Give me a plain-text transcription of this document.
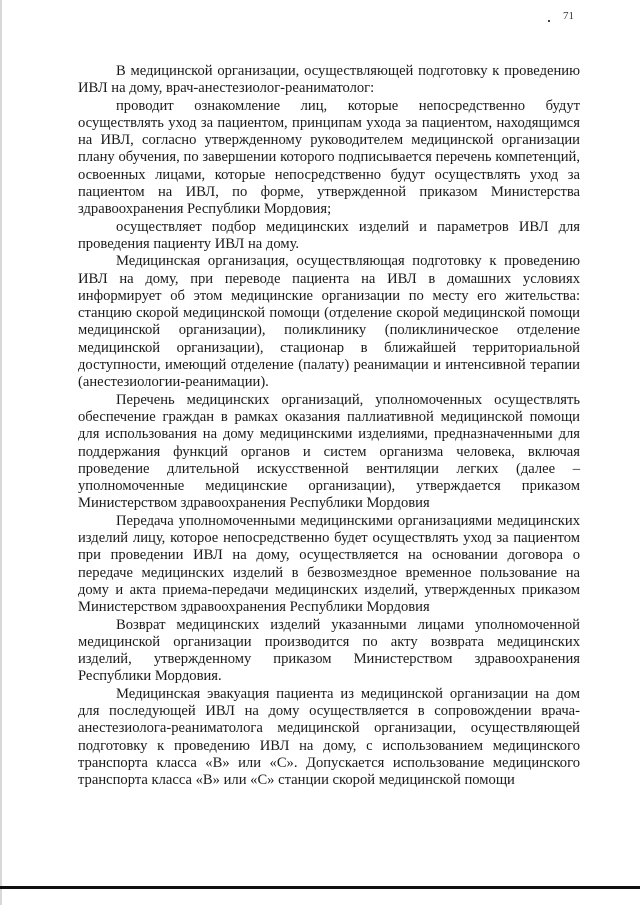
71

В медицинской организации, осуществляющей подготовку к проведению ИВЛ на дому, врач-анестезиолог-реаниматолог:

проводит ознакомление лиц, которые непосредственно будут осуществлять уход за пациентом, принципам ухода за пациентом, находящимся на ИВЛ, согласно утвержденному руководителем медицинской организации плану обучения, по завершении которого подписывается перечень компетенций, освоенных лицами, которые непосредственно будут осуществлять уход за пациентом на ИВЛ, по форме, утвержденной приказом Министерства здравоохранения Республики Мордовия;

осуществляет подбор медицинских изделий и параметров ИВЛ для проведения пациенту ИВЛ на дому.

Медицинская организация, осуществляющая подготовку к проведению ИВЛ на дому, при переводе пациента на ИВЛ в домашних условиях информирует об этом медицинские организации по месту его жительства: станцию скорой медицинской помощи (отделение скорой медицинской помощи медицинской организации), поликлинику (поликлиническое отделение медицинской организации), стационар в ближайшей территориальной доступности, имеющий отделение (палату) реанимации и интенсивной терапии (анестезиологии-реанимации).

Перечень медицинских организаций, уполномоченных осуществлять обеспечение граждан в рамках оказания паллиативной медицинской помощи для использования на дому медицинскими изделиями, предназначенными для поддержания функций органов и систем организма человека, включая проведение длительной искусственной вентиляции легких (далее – уполномоченные медицинские организации), утверждается приказом Министерством здравоохранения Республики Мордовия

Передача уполномоченными медицинскими организациями медицинских изделий лицу, которое непосредственно будет осуществлять уход за пациентом при проведении ИВЛ на дому, осуществляется на основании договора о передаче медицинских изделий в безвозмездное временное пользование на дому и акта приема-передачи медицинских изделий, утвержденных приказом Министерством здравоохранения Республики Мордовия

Возврат медицинских изделий указанными лицами уполномоченной медицинской организации производится по акту возврата медицинских изделий, утвержденному приказом Министерством здравоохранения Республики Мордовия.

Медицинская эвакуация пациента из медицинской организации на дом для последующей ИВЛ на дому осуществляется в сопровождении врача-анестезиолога-реаниматолога медицинской организации, осуществляющей подготовку к проведению ИВЛ на дому, с использованием медицинского транспорта класса «В» или «С». Допускается использование медицинского транспорта класса «В» или «С» станции скорой медицинской помощи
